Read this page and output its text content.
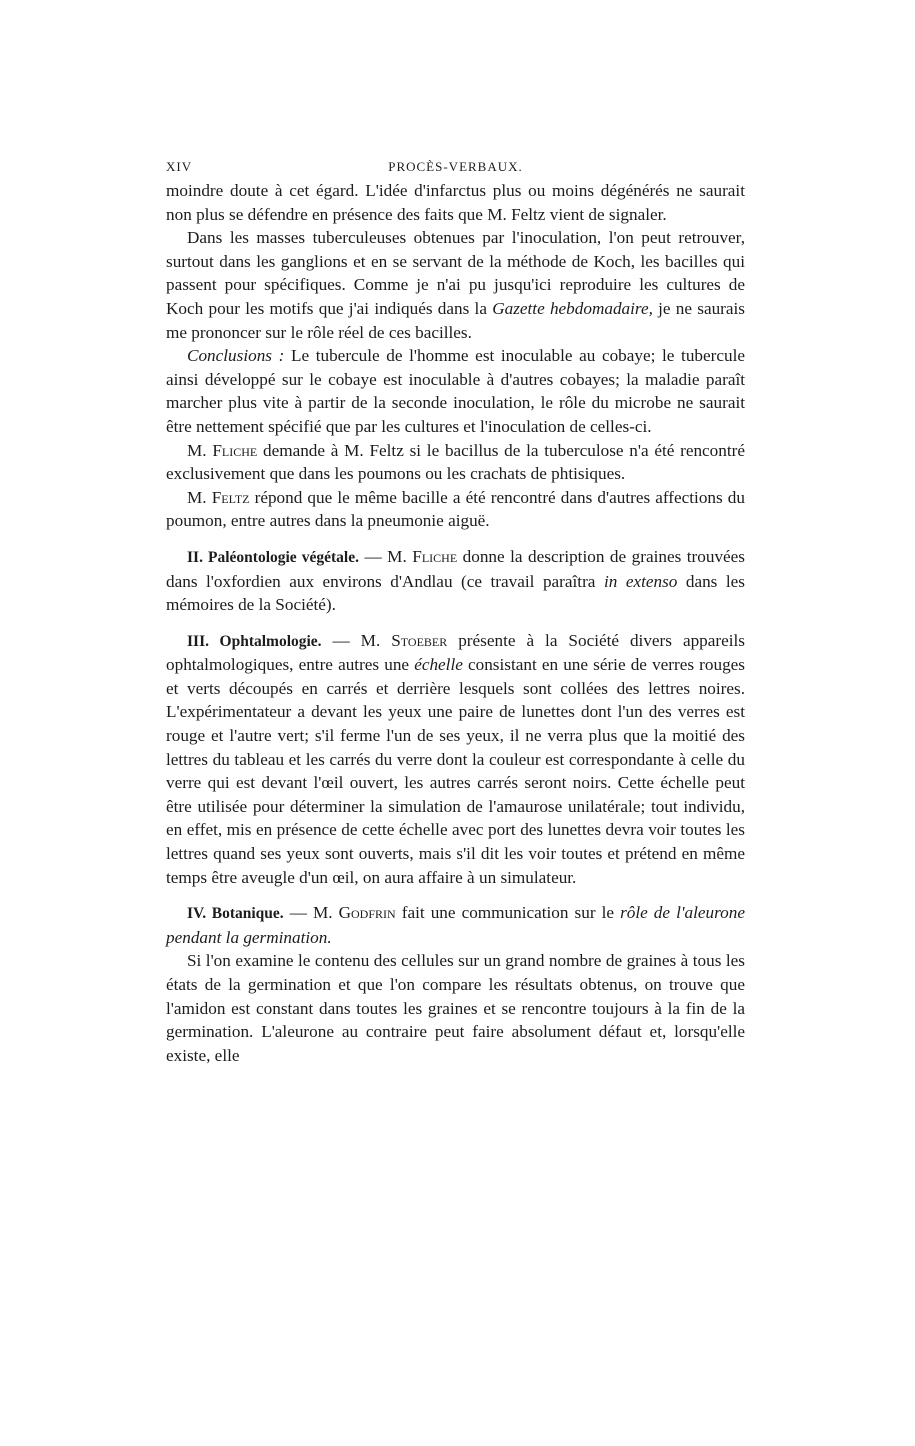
XIV	PROCÈS-VERBAUX.

moindre doute à cet égard. L'idée d'infarctus plus ou moins dégénérés ne saurait non plus se défendre en présence des faits que M. Feltz vient de signaler.

Dans les masses tuberculeuses obtenues par l'inoculation, l'on peut retrouver, surtout dans les ganglions et en se servant de la méthode de Koch, les bacilles qui passent pour spécifiques. Comme je n'ai pu jusqu'ici reproduire les cultures de Koch pour les motifs que j'ai indiqués dans la Gazette hebdomadaire, je ne saurais me prononcer sur le rôle réel de ces bacilles.

Conclusions : Le tubercule de l'homme est inoculable au cobaye; le tubercule ainsi développé sur le cobaye est inoculable à d'autres cobayes; la maladie paraît marcher plus vite à partir de la seconde inoculation, le rôle du microbe ne saurait être nettement spécifié que par les cultures et l'inoculation de celles-ci.

M. Fliche demande à M. Feltz si le bacillus de la tuberculose n'a été rencontré exclusivement que dans les poumons ou les crachats de phtisiques.

M. Feltz répond que le même bacille a été rencontré dans d'autres affections du poumon, entre autres dans la pneumonie aiguë.

II. Paléontologie végétale. — M. Fliche donne la description de graines trouvées dans l'oxfordien aux environs d'Andlau (ce travail paraîtra in extenso dans les mémoires de la Société).

III. Ophtalmologie. — M. Stoeber présente à la Société divers appareils ophtalmologiques, entre autres une échelle consistant en une série de verres rouges et verts découpés en carrés et derrière lesquels sont collées des lettres noires. L'expérimentateur a devant les yeux une paire de lunettes dont l'un des verres est rouge et l'autre vert; s'il ferme l'un de ses yeux, il ne verra plus que la moitié des lettres du tableau et les carrés du verre dont la couleur est correspondante à celle du verre qui est devant l'œil ouvert, les autres carrés seront noirs. Cette échelle peut être utilisée pour déterminer la simulation de l'amaurose unilatérale; tout individu, en effet, mis en présence de cette échelle avec port des lunettes devra voir toutes les lettres quand ses yeux sont ouverts, mais s'il dit les voir toutes et prétend en même temps être aveugle d'un œil, on aura affaire à un simulateur.

IV. Botanique. — M. Godfrin fait une communication sur le rôle de l'aleurone pendant la germination.

Si l'on examine le contenu des cellules sur un grand nombre de graines à tous les états de la germination et que l'on compare les résultats obtenus, on trouve que l'amidon est constant dans toutes les graines et se rencontre toujours à la fin de la germination. L'aleurone au contraire peut faire absolument défaut et, lorsqu'elle existe, elle
